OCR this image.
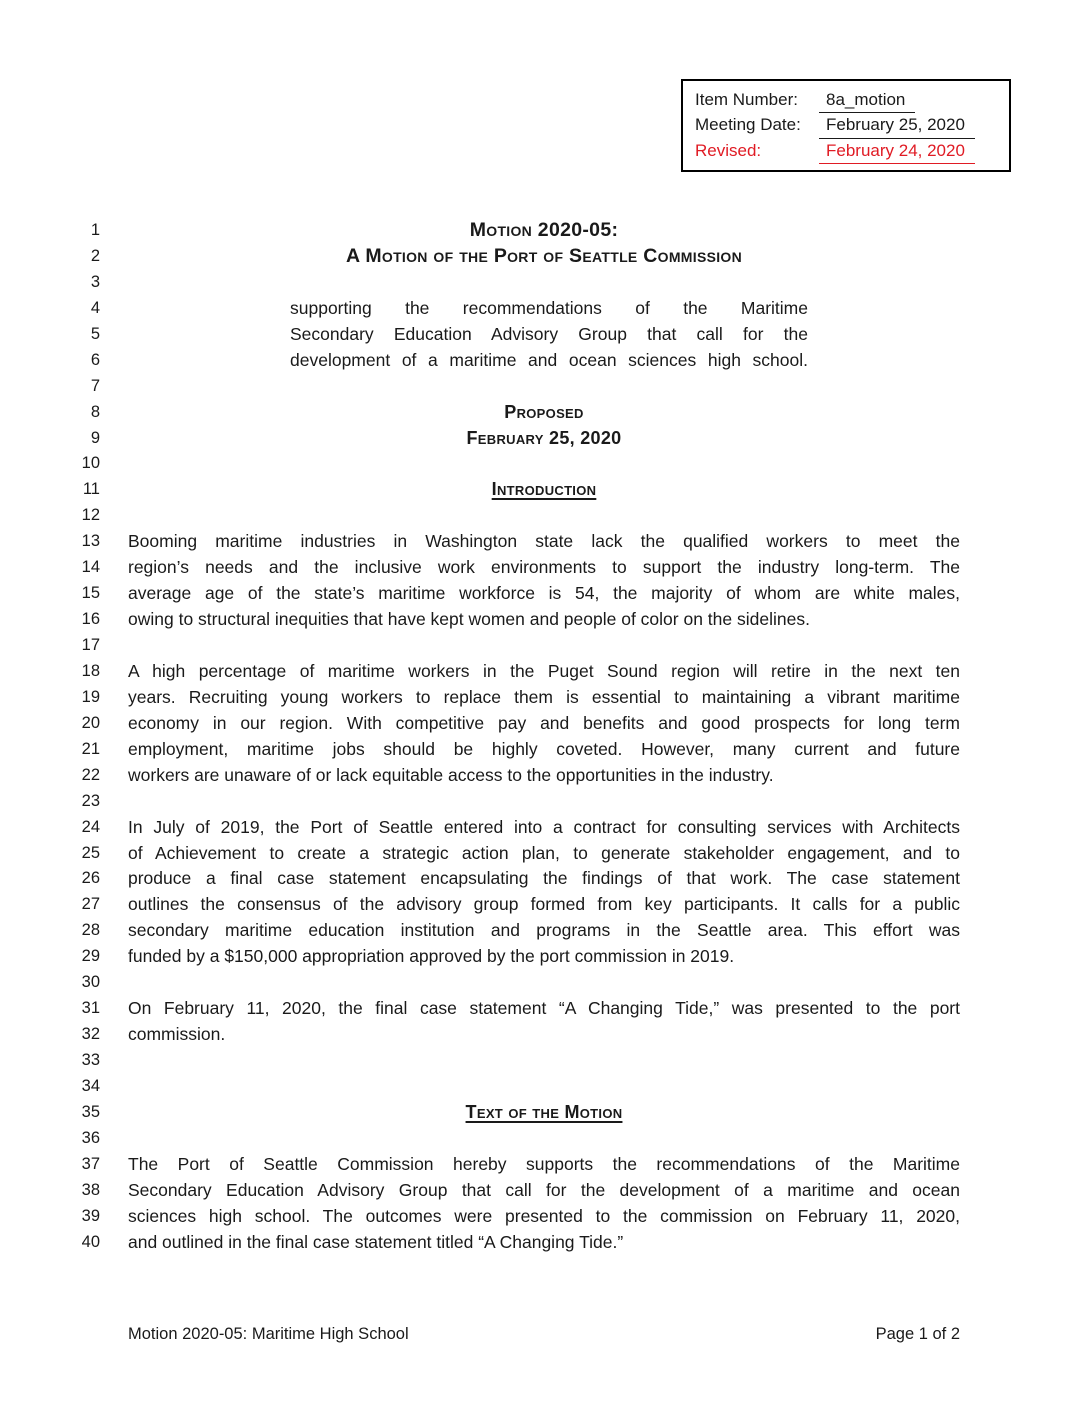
Item Number:	8a_motion
Meeting Date:	February 25, 2020
Revised:	February 24, 2020
1	Motion 2020-05:
2	A Motion of the Port of Seattle Commission
3
4	supporting the recommendations of the Maritime
5	Secondary Education Advisory Group that call for the
6	development of a maritime and ocean sciences high school.
7
8	Proposed
9	February 25, 2020
10
11	Introduction
12
13 Booming maritime industries in Washington state lack the qualified workers to meet the
14 region’s needs and the inclusive work environments to support the industry long-term. The
15 average age of the state’s maritime workforce is 54, the majority of whom are white males,
16 owing to structural inequities that have kept women and people of color on the sidelines.
17
18 A high percentage of maritime workers in the Puget Sound region will retire in the next ten
19 years. Recruiting young workers to replace them is essential to maintaining a vibrant maritime
20 economy in our region. With competitive pay and benefits and good prospects for long term
21 employment, maritime jobs should be highly coveted. However, many current and future
22 workers are unaware of or lack equitable access to the opportunities in the industry.
23
24 In July of 2019, the Port of Seattle entered into a contract for consulting services with Architects
25 of Achievement to create a strategic action plan, to generate stakeholder engagement, and to
26 produce a final case statement encapsulating the findings of that work. The case statement
27 outlines the consensus of the advisory group formed from key participants. It calls for a public
28 secondary maritime education institution and programs in the Seattle area. This effort was
29 funded by a $150,000 appropriation approved by the port commission in 2019.
30
31 On February 11, 2020, the final case statement “A Changing Tide,” was presented to the port
32 commission.
33
34
35	Text of the Motion
36
37 The Port of Seattle Commission hereby supports the recommendations of the Maritime
38 Secondary Education Advisory Group that call for the development of a maritime and ocean
39 sciences high school. The outcomes were presented to the commission on February 11, 2020,
40 and outlined in the final case statement titled “A Changing Tide.”
Motion 2020-05: Maritime High School	Page 1 of 2
